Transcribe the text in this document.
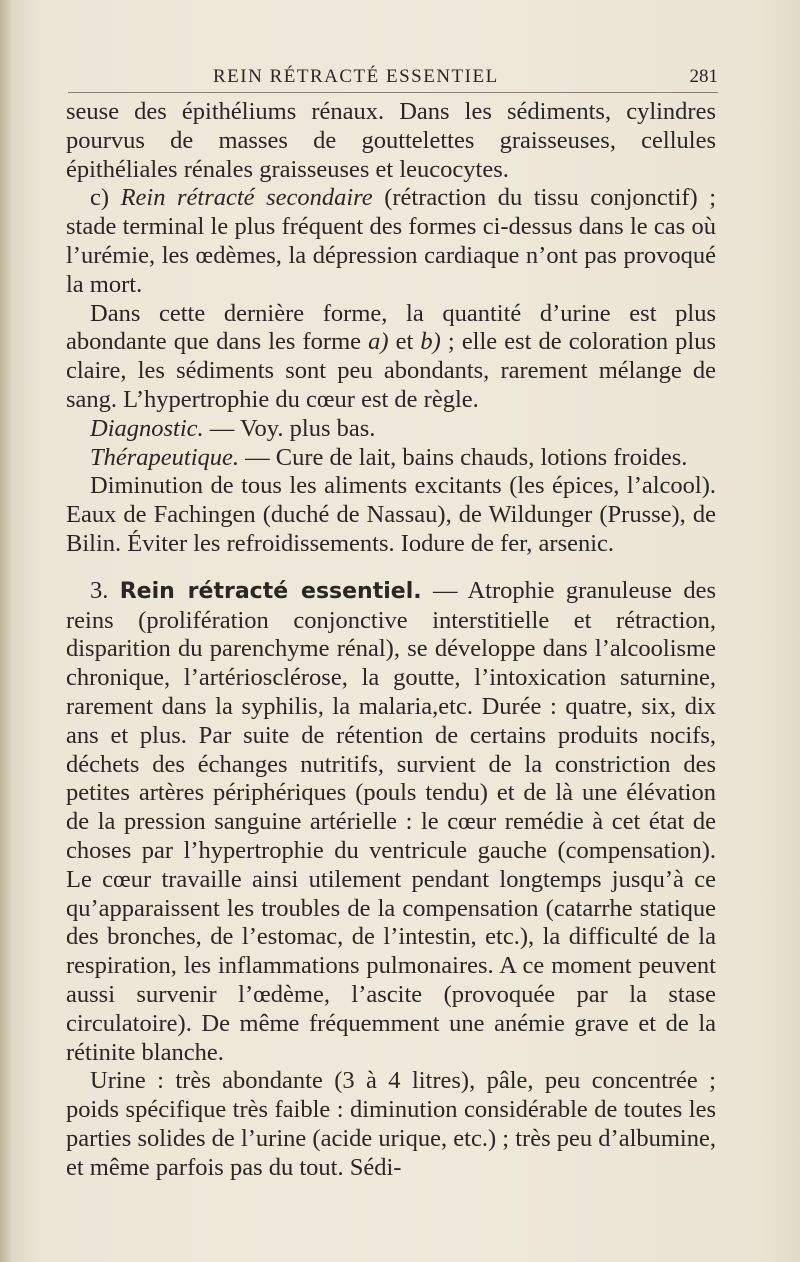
REIN RÉTRACTÉ ESSENTIEL	281

seuse des épithéliums rénaux. Dans les sédiments, cylindres pourvus de masses de gouttelettes graisseuses, cellules épithéliales rénales graisseuses et leucocytes.

c) Rein rétracté secondaire (rétraction du tissu conjonctif) ; stade terminal le plus fréquent des formes ci-dessus dans le cas où l’urémie, les œdèmes, la dépression cardiaque n’ont pas provoqué la mort.

Dans cette dernière forme, la quantité d’urine est plus abondante que dans les forme a) et b) ; elle est de coloration plus claire, les sédiments sont peu abondants, rarement mélange de sang. L’hypertrophie du cœur est de règle.

Diagnostic. — Voy. plus bas.

Thérapeutique. — Cure de lait, bains chauds, lotions froides.

Diminution de tous les aliments excitants (les épices, l’alcool). Eaux de Fachingen (duché de Nassau), de Wildunger (Prusse), de Bilin. Éviter les refroidissements. Iodure de fer, arsenic.

3. Rein rétracté essentiel. — Atrophie granuleuse des reins (prolifération conjonctive interstitielle et rétraction, disparition du parenchyme rénal), se développe dans l’alcoolisme chronique, l’artériosclérose, la goutte, l’intoxication saturnine, rarement dans la syphilis, la malaria,etc. Durée : quatre, six, dix ans et plus. Par suite de rétention de certains produits nocifs, déchets des échanges nutritifs, survient de la constriction des petites artères périphériques (pouls tendu) et de là une élévation de la pression sanguine artérielle : le cœur remédie à cet état de choses par l’hypertrophie du ventricule gauche (compensation). Le cœur travaille ainsi utilement pendant longtemps jusqu’à ce qu’apparaissent les troubles de la compensation (catarrhe statique des bronches, de l’estomac, de l’intestin, etc.), la difficulté de la respiration, les inflammations pulmonaires. A ce moment peuvent aussi survenir l’œdème, l’ascite (provoquée par la stase circulatoire). De même fréquemment une anémie grave et de la rétinite blanche.

Urine : très abondante (3 à 4 litres), pâle, peu concentrée ; poids spécifique très faible : diminution considérable de toutes les parties solides de l’urine (acide urique, etc.) ; très peu d’albumine, et même parfois pas du tout. Sédi-
